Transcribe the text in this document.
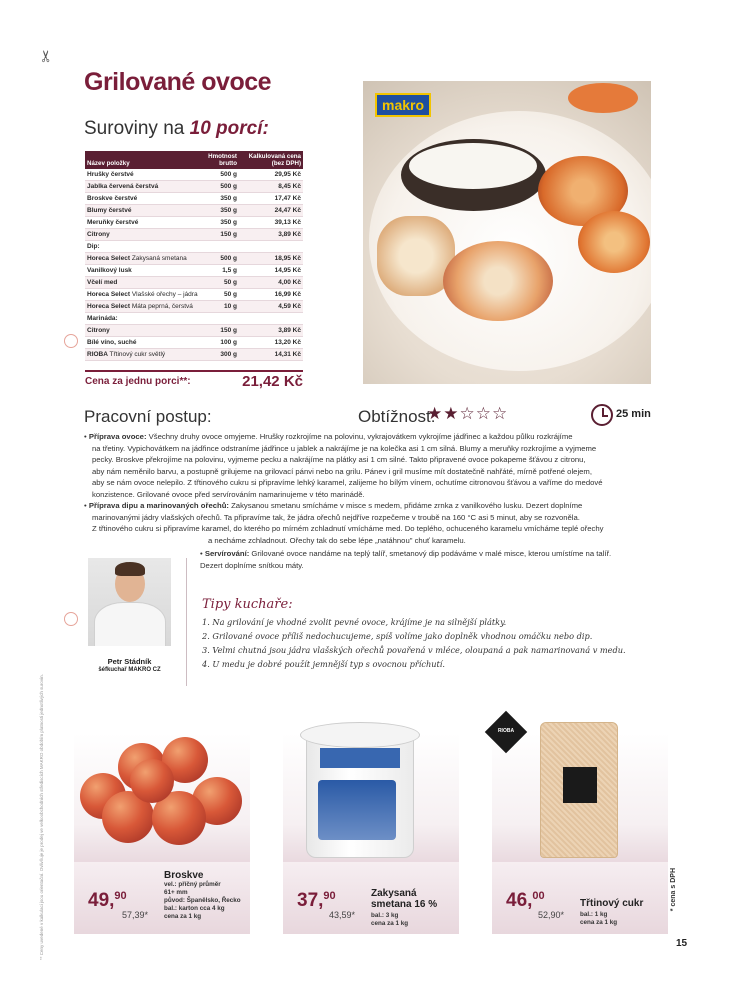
✂
** Ceny uvedené v kalkulaci jsou orientační. Ovlivňuje je prodej ve velkoobchodních střediscích MAKRO obdobím platnosti jednotlivých surovin.
Grilované ovoce
Suroviny na 10 porcí:
makro
Název položky	Hmotnost brutto	Kalkulovaná cena (bez DPH)
Hrušky čerstvé	500 g	29,95 Kč
Jablka červená čerstvá	500 g	8,45 Kč
Broskve čerstvé	350 g	17,47 Kč
Blumy čerstvé	350 g	24,47 Kč
Meruňky čerstvé	350 g	39,13 Kč
Citrony	150 g	3,89 Kč
Dip:		
Horeca Select Zakysaná smetana	500 g	18,95 Kč
Vanilkový lusk	1,5 g	14,95 Kč
Včelí med	50 g	4,00 Kč
Horeca Select Vlašské ořechy – jádra	50 g	16,99 Kč
Horeca Select Máta peprná, čerstvá	10 g	4,59 Kč
Marináda:		
Citrony	150 g	3,89 Kč
Bílé víno, suché	100 g	13,20 Kč
RIOBA Třtinový cukr světlý	300 g	14,31 Kč
Cena za jednu porci**:	21,42 Kč
Pracovní postup:	Obtížnost:
★★☆☆☆	25 min

• Příprava ovoce: Všechny druhy ovoce omyjeme. Hrušky rozkrojíme na polovinu, vykrajovátkem vykrojíme jádřinec a každou půlku rozkrájíme

na třetiny. Vypichovátkem na jádřince odstraníme jádřince u jablek a nakrájíme je na kolečka asi 1 cm silná. Blumy a meruňky rozkrojíme a vyjmeme

pecky. Broskve překrojíme na polovinu, vyjmeme pecku a nakrájíme na plátky asi 1 cm silné. Takto připravené ovoce pokapeme šťávou z citronu,

aby nám neměnilo barvu, a postupně grilujeme na grilovací pánvi nebo na grilu. Pánev i gril musíme mít dostatečně nahřáté, mírně potřené olejem,

aby se nám ovoce nelepilo. Z třtinového cukru si připravíme lehký karamel, zalijeme ho bílým vínem, ochutíme citronovou šťávou a vaříme do medové

konzistence. Grilované ovoce před servírováním namarinujeme v této marinádě.

• Příprava dipu a marinovaných ořechů: Zakysanou smetanu smícháme v misce s medem, přidáme zrnka z vanilkového lusku. Dezert doplníme

marinovanými jádry vlašských ořechů. Ta připravíme tak, že jádra ořechů nejdříve rozpečeme v troubě na 160 °C asi 5 minut, aby se rozvoněla.

Z třtinového cukru si připravíme karamel, do kterého po mírném zchladnutí vmícháme med. Do teplého, ochuceného karamelu vmícháme teplé ořechy

a necháme zchladnout. Ořechy tak do sebe lépe „natáhnou" chuť karamelu.

• Servírování: Grilované ovoce nandáme na teplý talíř, smetanový dip podáváme v malé misce, kterou umístíme na talíř.

Dezert doplníme snítkou máty.

Petr Stádník
šéfkuchař MAKRO CZ
Tipy kuchaře:
1. Na grilování je vhodné zvolit pevné ovoce, krájíme je na silnější plátky.
2. Grilované ovoce příliš nedochucujeme, spíš volíme jako doplněk vhodnou omáčku nebo dip.
3. Velmi chutná jsou jádra vlašských ořechů povařená v mléce, oloupaná a pak namarinovaná v medu.
4. U medu je dobré použít jemnější typ s ovocnou příchutí.
49,90
57,39*
Broskve
vel.: příčný průměr
61+ mm
původ: Španělsko, Řecko
bal.: karton cca 4 kg
cena za 1 kg
37,90
43,59*
Zakysaná smetana 16 %
bal.: 3 kg
cena za 1 kg
RIOBA
46,00
52,90*
Třtinový cukr
bal.: 1 kg
cena za 1 kg
* cena s DPH
15
